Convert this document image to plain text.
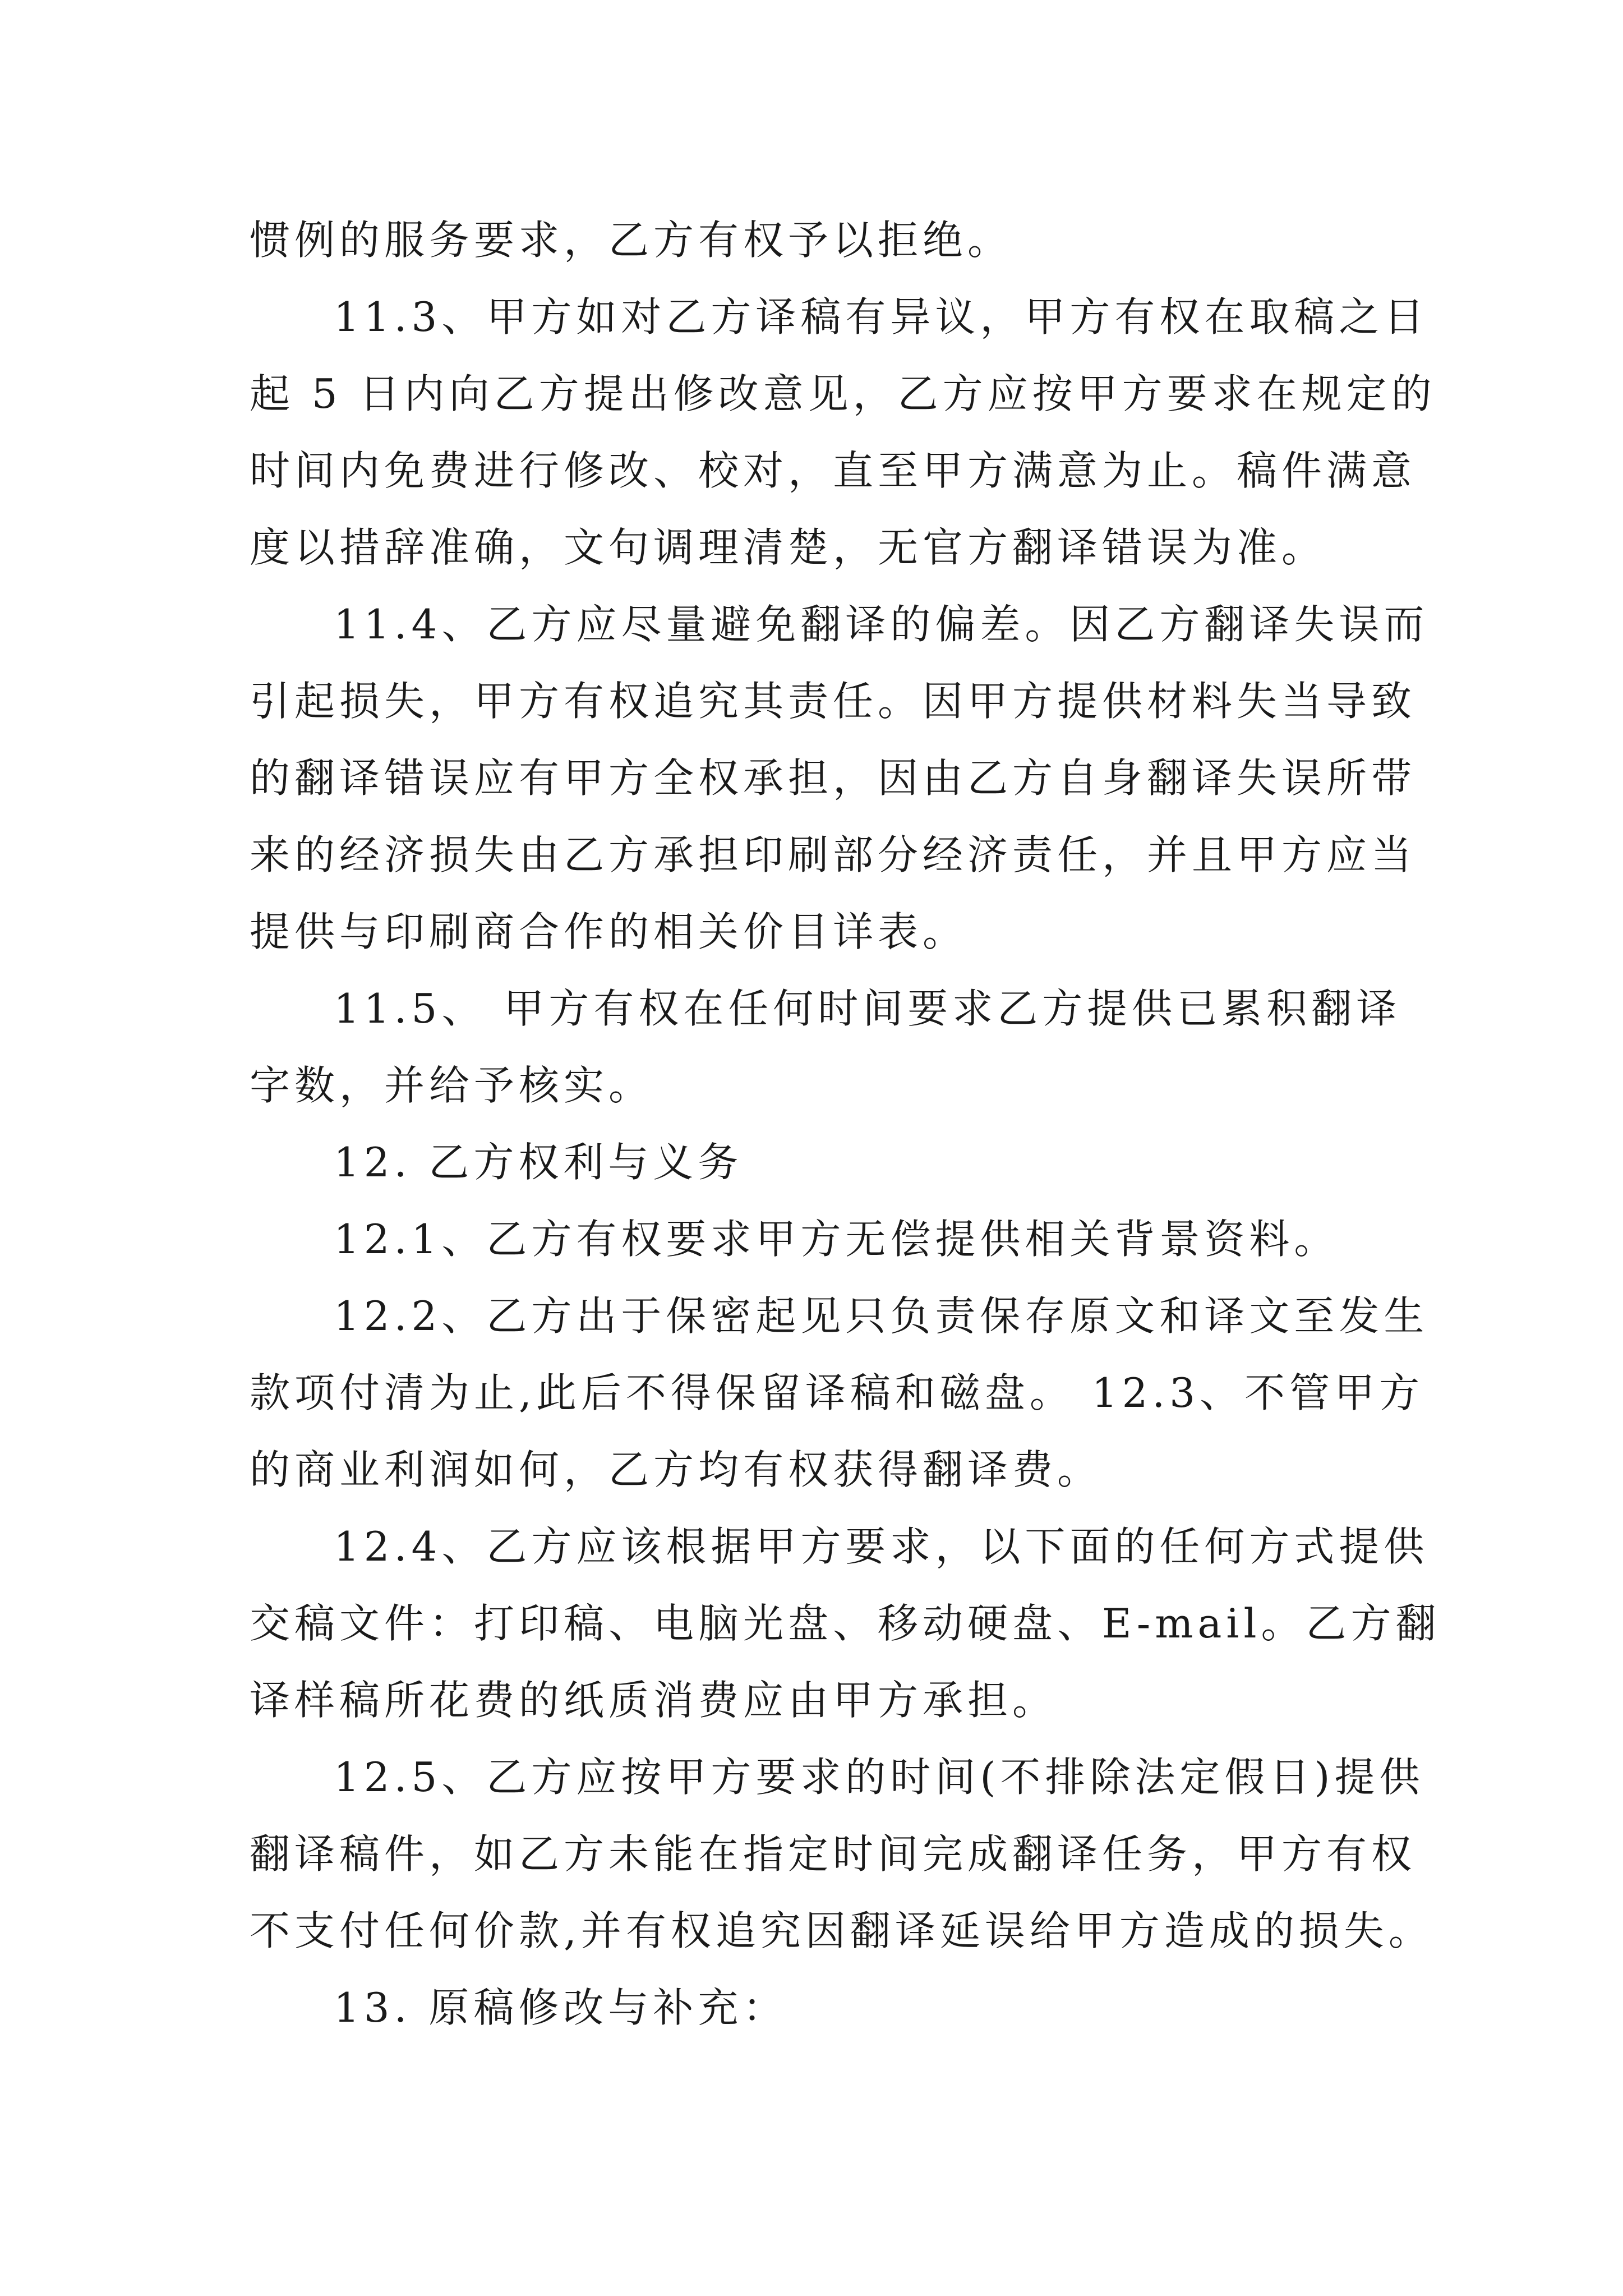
惯例的服务要求，乙方有权予以拒绝。
11.3、甲方如对乙方译稿有异议，甲方有权在取稿之日
起 5 日内向乙方提出修改意见，乙方应按甲方要求在规定的
时间内免费进行修改、校对，直至甲方满意为止。稿件满意
度以措辞准确，文句调理清楚，无官方翻译错误为准。
11.4、乙方应尽量避免翻译的偏差。因乙方翻译失误而
引起损失，甲方有权追究其责任。因甲方提供材料失当导致
的翻译错误应有甲方全权承担，因由乙方自身翻译失误所带
来的经济损失由乙方承担印刷部分经济责任，并且甲方应当
提供与印刷商合作的相关价目详表。
11.5、 甲方有权在任何时间要求乙方提供已累积翻译
字数，并给予核实。
12. 乙方权利与义务
12.1、乙方有权要求甲方无偿提供相关背景资料。
12.2、乙方出于保密起见只负责保存原文和译文至发生
款项付清为止,此后不得保留译稿和磁盘。 12.3、不管甲方
的商业利润如何，乙方均有权获得翻译费。
12.4、乙方应该根据甲方要求，以下面的任何方式提供
交稿文件：打印稿、电脑光盘、移动硬盘、E-mail。乙方翻
译样稿所花费的纸质消费应由甲方承担。
12.5、乙方应按甲方要求的时间(不排除法定假日)提供
翻译稿件，如乙方未能在指定时间完成翻译任务，甲方有权
不支付任何价款,并有权追究因翻译延误给甲方造成的损失。
13. 原稿修改与补充：
